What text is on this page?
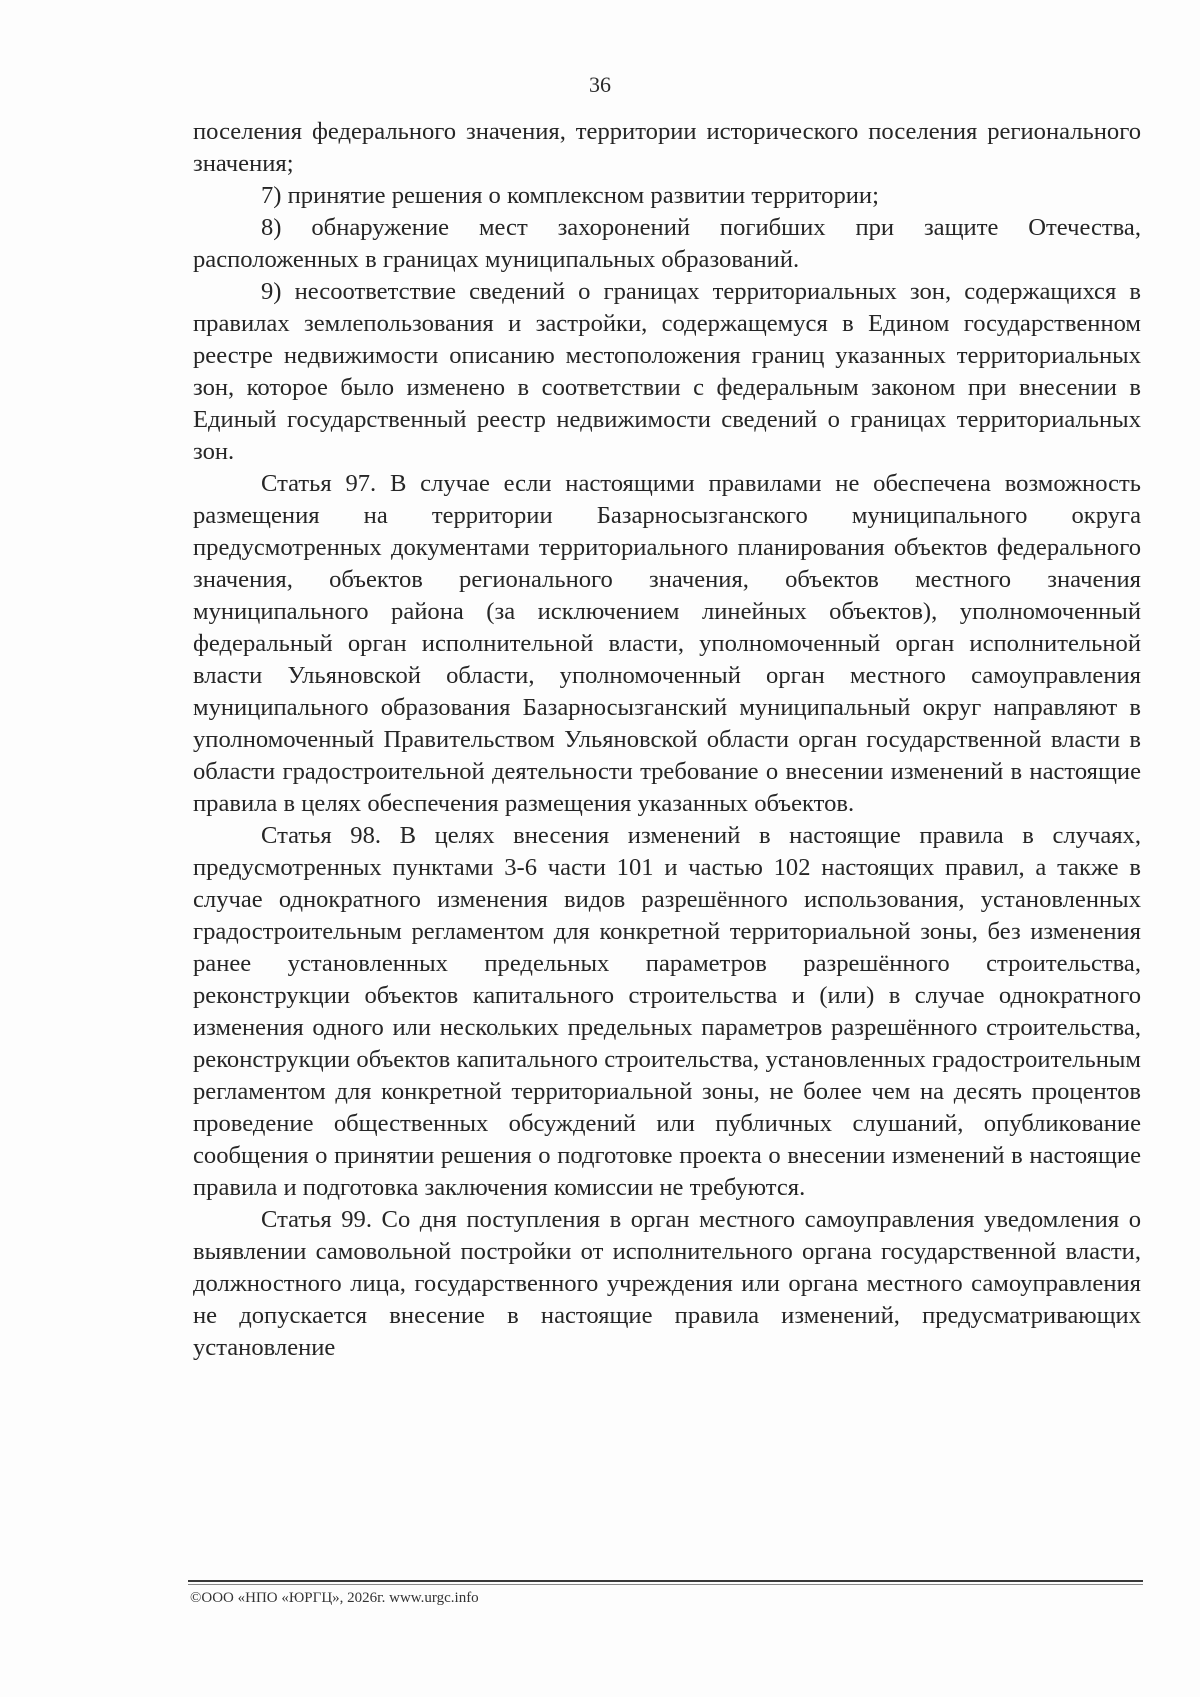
36

поселения федерального значения, территории исторического поселения регионального значения;

7) принятие решения о комплексном развитии территории;

8) обнаружение мест захоронений погибших при защите Отечества, расположенных в границах муниципальных образований.

9) несоответствие сведений о границах территориальных зон, содержащихся в правилах землепользования и застройки, содержащемуся в Едином государственном реестре недвижимости описанию местоположения границ указанных территориальных зон, которое было изменено в соответствии с федеральным законом при внесении в Единый государственный реестр недвижимости сведений о границах территориальных зон.

Статья 97. В случае если настоящими правилами не обеспечена возможность размещения на территории Базарносызганского муниципального округа предусмотренных документами территориального планирования объектов федерального значения, объектов регионального значения, объектов местного значения муниципального района (за исключением линейных объектов), уполномоченный федеральный орган исполнительной власти, уполномоченный орган исполнительной власти Ульяновской области, уполномоченный орган местного самоуправления муниципального образования Базарносызганский муниципальный округ направляют в уполномоченный Правительством Ульяновской области орган государственной власти в области градостроительной деятельности требование о внесении изменений в настоящие правила в целях обеспечения размещения указанных объектов.

Статья 98. В целях внесения изменений в настоящие правила в случаях, предусмотренных пунктами 3-6 части 101 и частью 102 настоящих правил, а также в случае однократного изменения видов разрешённого использования, установленных градостроительным регламентом для конкретной территориальной зоны, без изменения ранее установленных предельных параметров разрешённого строительства, реконструкции объектов капитального строительства и (или) в случае однократного изменения одного или нескольких предельных параметров разрешённого строительства, реконструкции объектов капитального строительства, установленных градостроительным регламентом для конкретной территориальной зоны, не более чем на десять процентов проведение общественных обсуждений или публичных слушаний, опубликование сообщения о принятии решения о подготовке проекта о внесении изменений в настоящие правила и подготовка заключения комиссии не требуются.

Статья 99. Со дня поступления в орган местного самоуправления уведомления о выявлении самовольной постройки от исполнительного органа государственной власти, должностного лица, государственного учреждения или органа местного самоуправления не допускается внесение в настоящие правила изменений, предусматривающих установление

©ООО «НПО «ЮРГЦ», 2026г. www.urgc.info
